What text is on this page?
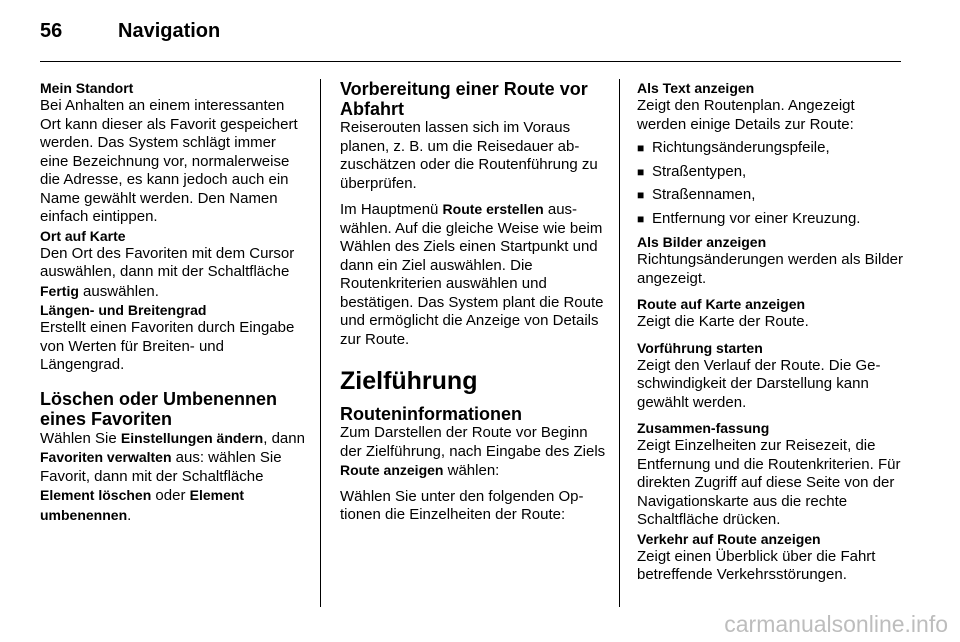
56	Navigation
Mein Standort

Bei Anhalten an einem interessanten Ort kann dieser als Favorit gespeichert werden. Das System schlägt immer eine Bezeichnung vor, normalerweise die Adresse, es kann jedoch auch ein Name gewählt werden. Den Namen einfach eintippen.

Ort auf Karte

Den Ort des Favoriten mit dem Cursor auswählen, dann mit der Schaltfläche Fertig auswählen.

Längen- und Breitengrad

Erstellt einen Favoriten durch Eingabe von Werten für Breiten- und Längengrad.

Löschen oder Umbenennen eines Favoriten

Wählen Sie Einstellungen ändern, dann Favoriten verwalten aus: wählen Sie Favorit, dann mit der Schaltfläche Element löschen oder Element umbenennen.

Vorbereitung einer Route vor Abfahrt

Reiserouten lassen sich im Voraus planen, z. B. um die Reisedauer abzuschätzen oder die Routenführung zu überprüfen.

Im Hauptmenü Route erstellen auswählen. Auf die gleiche Weise wie beim Wählen des Ziels einen Startpunkt und dann ein Ziel auswählen. Die Routenkriterien auswählen und bestätigen. Das System plant die Route und ermöglicht die Anzeige von Details zur Route.

Zielführung
Routeninformationen

Zum Darstellen der Route vor Beginn der Zielführung, nach Eingabe des Ziels Route anzeigen wählen:

Wählen Sie unter den folgenden Optionen die Einzelheiten der Route:

Als Text anzeigen

Zeigt den Routenplan. Angezeigt werden einige Details zur Route:

■ Richtungsänderungspfeile,
■ Straßentypen,
■ Straßennamen,
■ Entfernung vor einer Kreuzung.
Als Bilder anzeigen

Richtungsänderungen werden als Bilder angezeigt.

Route auf Karte anzeigen

Zeigt die Karte der Route.

Vorführung starten

Zeigt den Verlauf der Route. Die Geschwindigkeit der Darstellung kann gewählt werden.

Zusammen-fassung

Zeigt Einzelheiten zur Reisezeit, die Entfernung und die Routenkriterien. Für direkten Zugriff auf diese Seite von der Navigationskarte aus die rechte Schaltfläche drücken.

Verkehr auf Route anzeigen

Zeigt einen Überblick über die Fahrt betreffende Verkehrsstörungen.

carmanualsonline.info
